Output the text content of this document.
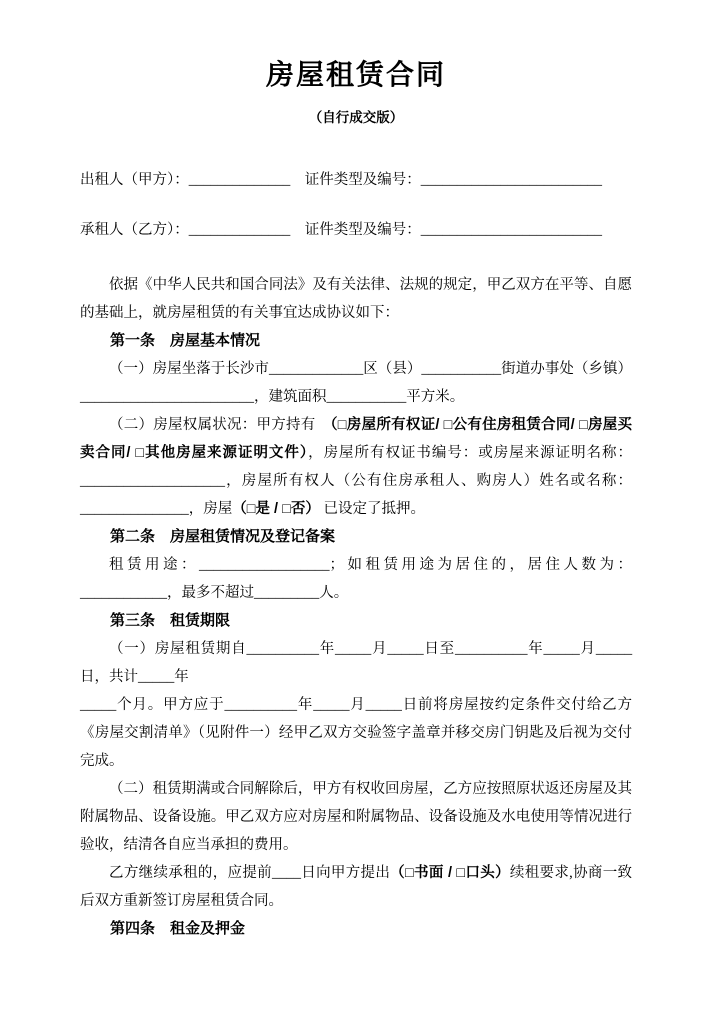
房屋租赁合同
（自行成交版）
出租人（甲方）：______________　 证件类型及编号：_________________________
承租人（乙方）：______________　 证件类型及编号：_________________________

依据《中华人民共和国合同法》及有关法律、法规的规定，甲乙双方在平等、自愿的基础上，就房屋租赁的有关事宜达成协议如下：

第一条　房屋基本情况

（一）房屋坐落于长沙市_____________区（县）___________街道办事处（乡镇）________________________，建筑面积___________平方米。

（二）房屋权属状况：甲方持有　（□房屋所有权证/ □公有住房租赁合同/ □房屋买卖合同/ □其他房屋来源证明文件），房屋所有权证书编号：或房屋来源证明名称：____________________，房屋所有权人（公有住房承租人、购房人）姓名或名称：_______________，房屋（□是 / □否） 已设定了抵押。

第二条　房屋租赁情况及登记备案

租赁用途：__________________；如租赁用途为居住的，居住人数为：____________，最多不超过_________人。

第三条　租赁期限

（一）房屋租赁期自__________年_____月_____日至__________年_____月_____日，共计_____年

_____个月。甲方应于__________年_____月_____日前将房屋按约定条件交付给乙方《房屋交割清单》（见附件一）经甲乙双方交验签字盖章并移交房门钥匙及后视为交付完成。

（二）租赁期满或合同解除后，甲方有权收回房屋，乙方应按照原状返还房屋及其附属物品、设备设施。甲乙双方应对房屋和附属物品、设备设施及水电使用等情况进行验收，结清各自应当承担的费用。

乙方继续承租的，应提前____日向甲方提出（□书面 / □口头）续租要求,协商一致后双方重新签订房屋租赁合同。

第四条　租金及押金
